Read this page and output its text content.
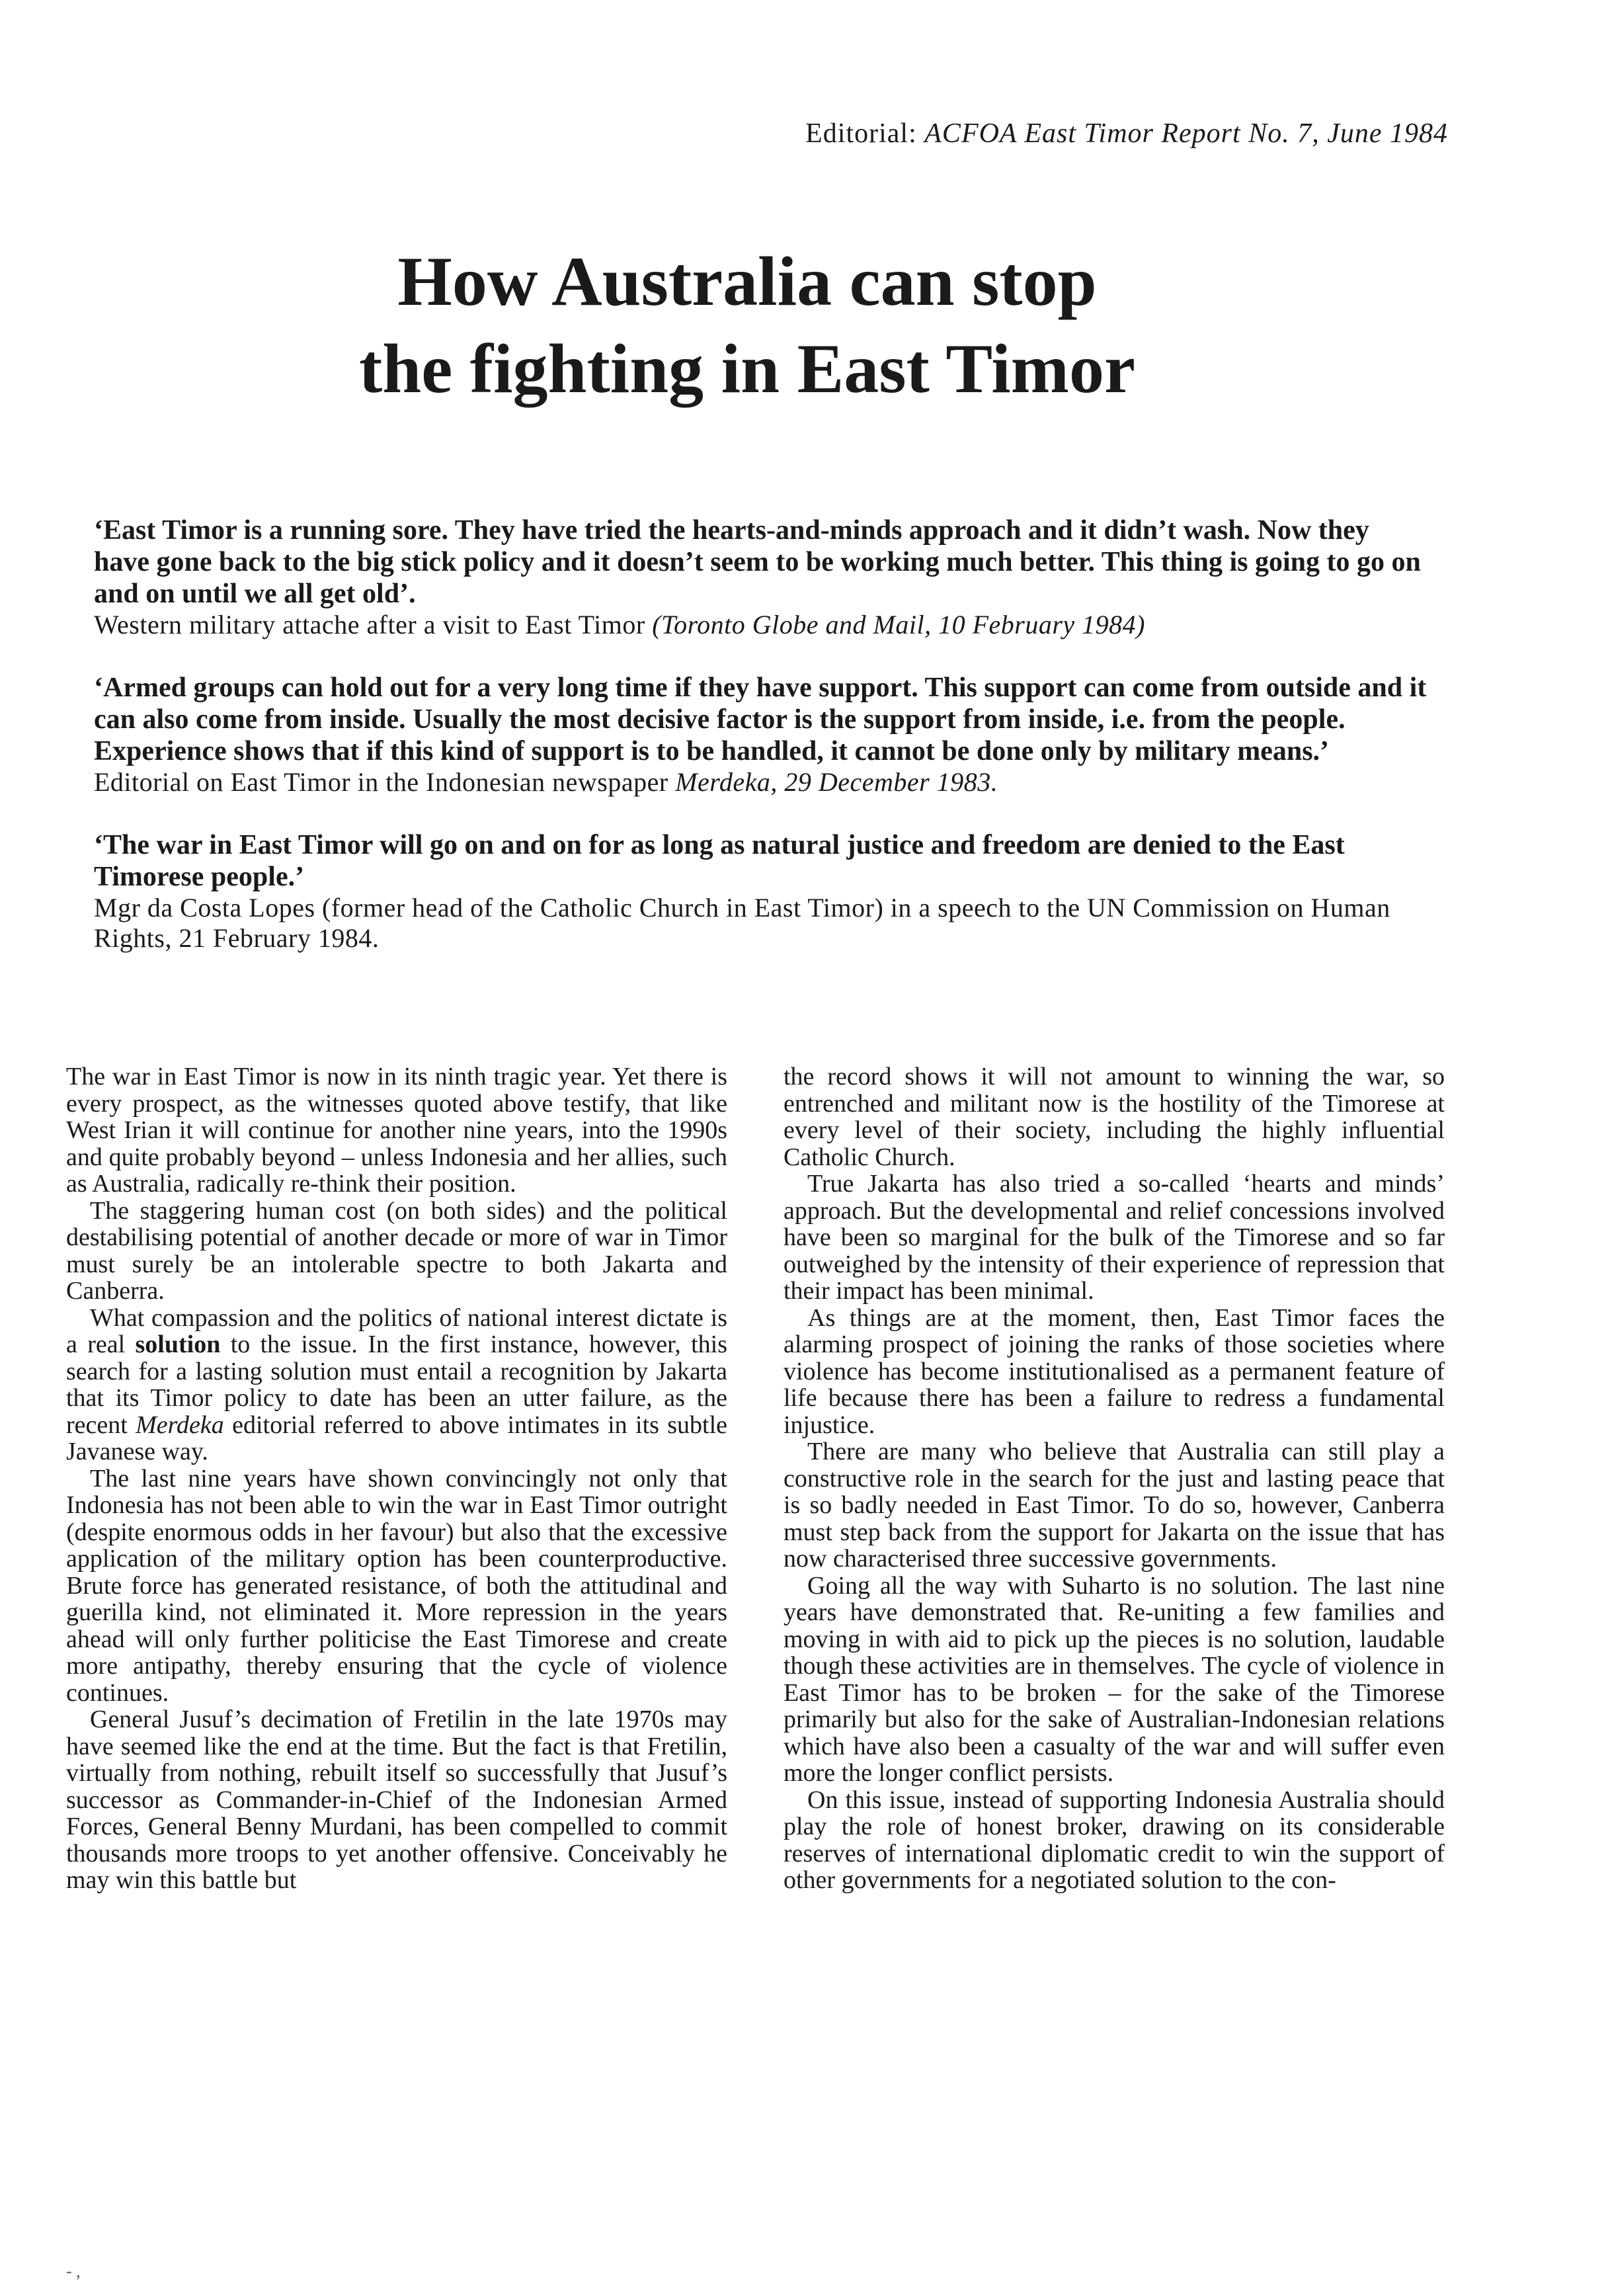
Editorial: ACFOA East Timor Report No. 7, June 1984
How Australia can stop
the fighting in East Timor
‘East Timor is a running sore. They have tried the hearts-and-minds approach and it didn’t wash. Now they have gone back to the big stick policy and it doesn’t seem to be working much better. This thing is going to go on and on until we all get old’.
Western military attache after a visit to East Timor (Toronto Globe and Mail, 10 February 1984)
‘Armed groups can hold out for a very long time if they have support. This support can come from outside and it can also come from inside. Usually the most decisive factor is the support from inside, i.e. from the people. Experience shows that if this kind of support is to be handled, it cannot be done only by military means.’
Editorial on East Timor in the Indonesian newspaper Merdeka, 29 December 1983.
‘The war in East Timor will go on and on for as long as natural justice and freedom are denied to the East Timorese people.’
Mgr da Costa Lopes (former head of the Catholic Church in East Timor) in a speech to the UN Commission on Human Rights, 21 February 1984.

The war in East Timor is now in its ninth tragic year. Yet there is every prospect, as the witnesses quoted above testify, that like West Irian it will continue for another nine years, into the 1990s and quite probably beyond – unless Indonesia and her allies, such as Australia, radically re-think their position.

The staggering human cost (on both sides) and the political destabilising potential of another decade or more of war in Timor must surely be an intolerable spectre to both Jakarta and Canberra.

What compassion and the politics of national interest dictate is a real solution to the issue. In the first instance, however, this search for a lasting solution must entail a recognition by Jakarta that its Timor policy to date has been an utter failure, as the recent Merdeka editorial referred to above intimates in its subtle Javanese way.

The last nine years have shown convincingly not only that Indonesia has not been able to win the war in East Timor outright (despite enormous odds in her favour) but also that the excessive application of the military option has been counterproductive. Brute force has generated resistance, of both the attitudinal and guerilla kind, not eliminated it. More repression in the years ahead will only further politicise the East Timorese and create more antipathy, thereby ensuring that the cycle of violence continues.

General Jusuf’s decimation of Fretilin in the late 1970s may have seemed like the end at the time. But the fact is that Fretilin, virtually from nothing, rebuilt itself so successfully that Jusuf’s successor as Commander-in-Chief of the Indonesian Armed Forces, General Benny Murdani, has been compelled to commit thousands more troops to yet another offensive. Conceivably he may win this battle but

the record shows it will not amount to winning the war, so entrenched and militant now is the hostility of the Timorese at every level of their society, including the highly influential Catholic Church.

True Jakarta has also tried a so-called ‘hearts and minds’ approach. But the developmental and relief concessions involved have been so marginal for the bulk of the Timorese and so far outweighed by the intensity of their experience of repression that their impact has been minimal.

As things are at the moment, then, East Timor faces the alarming prospect of joining the ranks of those societies where violence has become institutionalised as a permanent feature of life because there has been a failure to redress a fundamental injustice.

There are many who believe that Australia can still play a constructive role in the search for the just and lasting peace that is so badly needed in East Timor. To do so, however, Canberra must step back from the support for Jakarta on the issue that has now characterised three successive governments.

Going all the way with Suharto is no solution. The last nine years have demonstrated that. Re-uniting a few families and moving in with aid to pick up the pieces is no solution, laudable though these activities are in themselves. The cycle of violence in East Timor has to be broken – for the sake of the Timorese primarily but also for the sake of Australian-Indonesian relations which have also been a casualty of the war and will suffer even more the longer conflict persists.

On this issue, instead of supporting Indonesia Australia should play the role of honest broker, drawing on its considerable reserves of international diplomatic credit to win the support of other governments for a negotiated solution to the con-

- ,
